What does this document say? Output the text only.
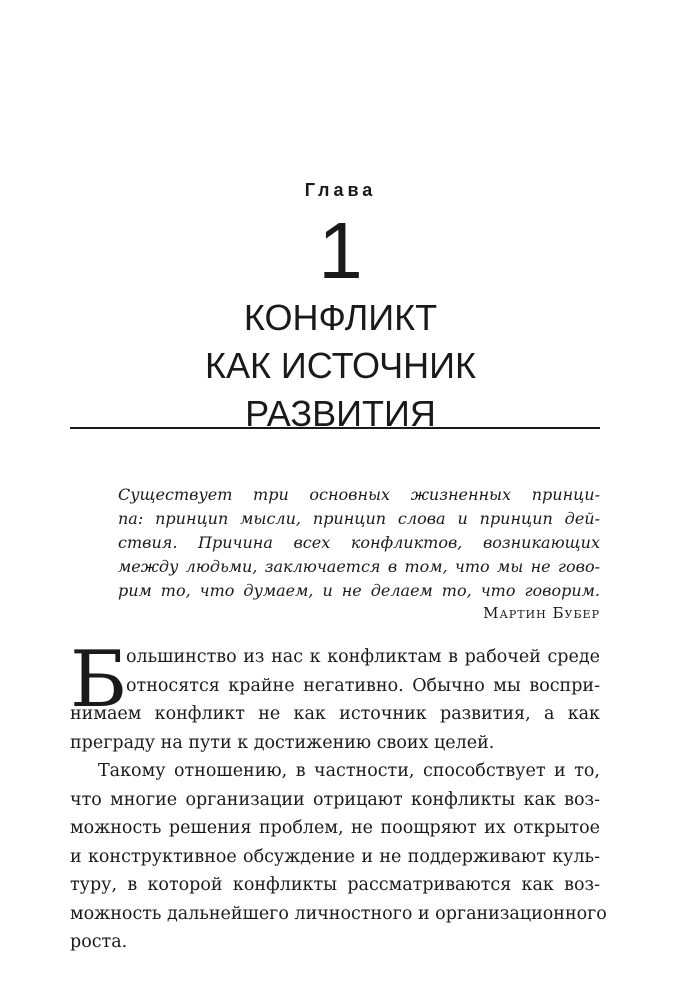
Глава
1
КОНФЛИКТ
КАК ИСТОЧНИК
РАЗВИТИЯ
Существует три основных жизненных принци-
па: принцип мысли, принцип слова и принцип дей-
ствия. Причина всех конфликтов, возникающих
между людьми, заключается в том, что мы не гово-
рим то, что думаем, и не делаем то, что говорим.
Мартин Бубер
Б
ольшинство из нас к конфликтам в рабочей среде
относятся крайне негативно. Обычно мы воспри-
нимаем конфликт не как источник развития, а как
преграду на пути к достижению своих целей.
Такому отношению, в частности, способствует и то,
что многие организации отрицают конфликты как воз-
можность решения проблем, не поощряют их открытое
и конструктивное обсуждение и не поддерживают куль-
туру, в которой конфликты рассматриваются как воз-
можность дальнейшего личностного и организационного
роста.
